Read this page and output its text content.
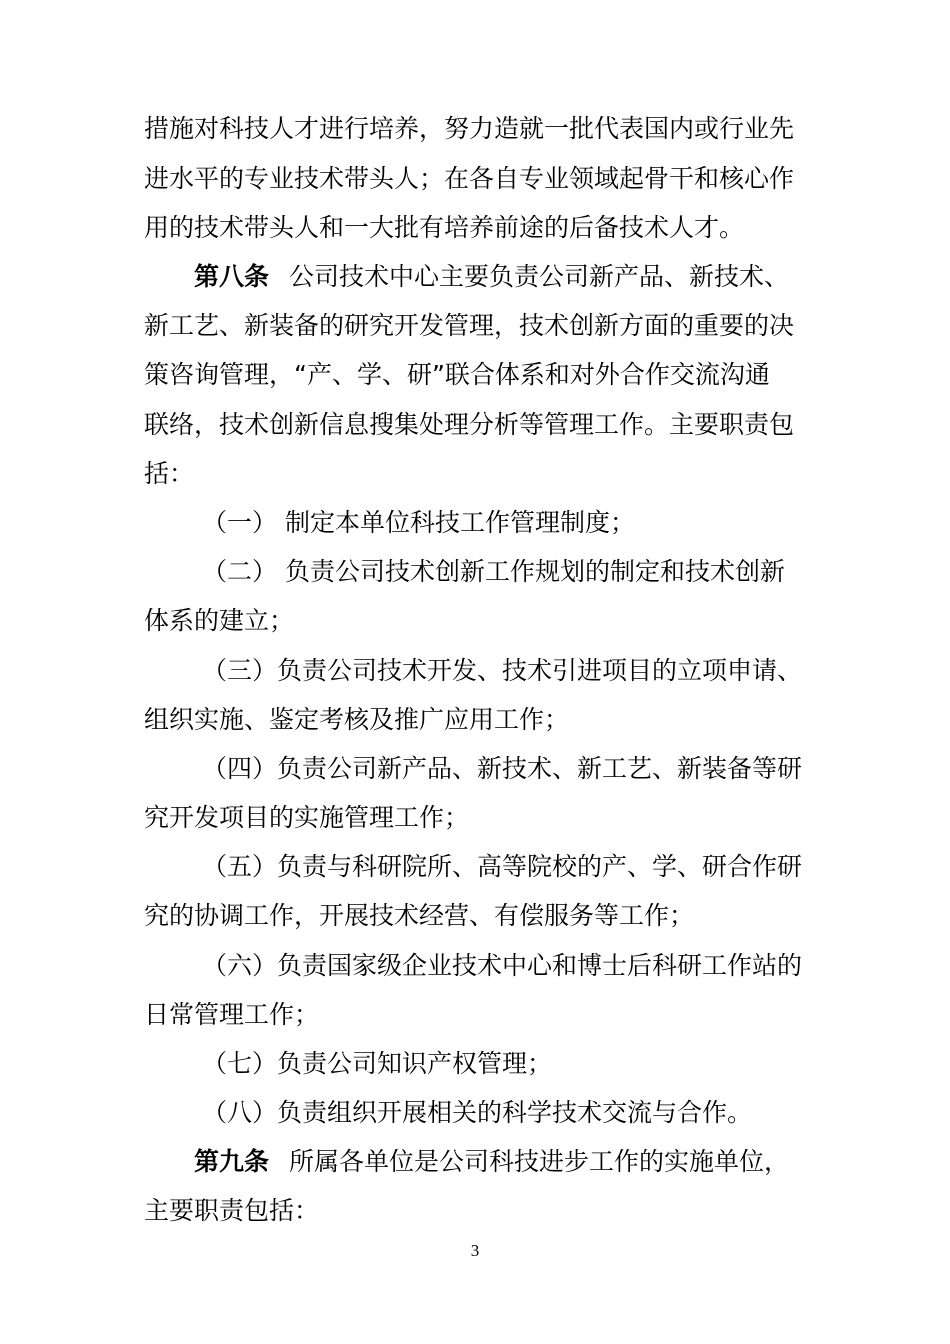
措施对科技人才进行培养，努力造就一批代表国内或行业先
进水平的专业技术带头人；在各自专业领域起骨干和核心作
用的技术带头人和一大批有培养前途的后备技术人才。
第八条 公司技术中心主要负责公司新产品、新技术、
新工艺、新装备的研究开发管理，技术创新方面的重要的决
策咨询管理，“产、学、研”联合体系和对外合作交流沟通
联络，技术创新信息搜集处理分析等管理工作。主要职责包
括：
（一） 制定本单位科技工作管理制度；
（二） 负责公司技术创新工作规划的制定和技术创新
体系的建立；
（三）负责公司技术开发、技术引进项目的立项申请、
组织实施、鉴定考核及推广应用工作；
（四）负责公司新产品、新技术、新工艺、新装备等研
究开发项目的实施管理工作；
（五）负责与科研院所、高等院校的产、学、研合作研
究的协调工作，开展技术经营、有偿服务等工作；
（六）负责国家级企业技术中心和博士后科研工作站的
日常管理工作；
（七）负责公司知识产权管理；
（八）负责组织开展相关的科学技术交流与合作。
第九条 所属各单位是公司科技进步工作的实施单位，
主要职责包括：
3
